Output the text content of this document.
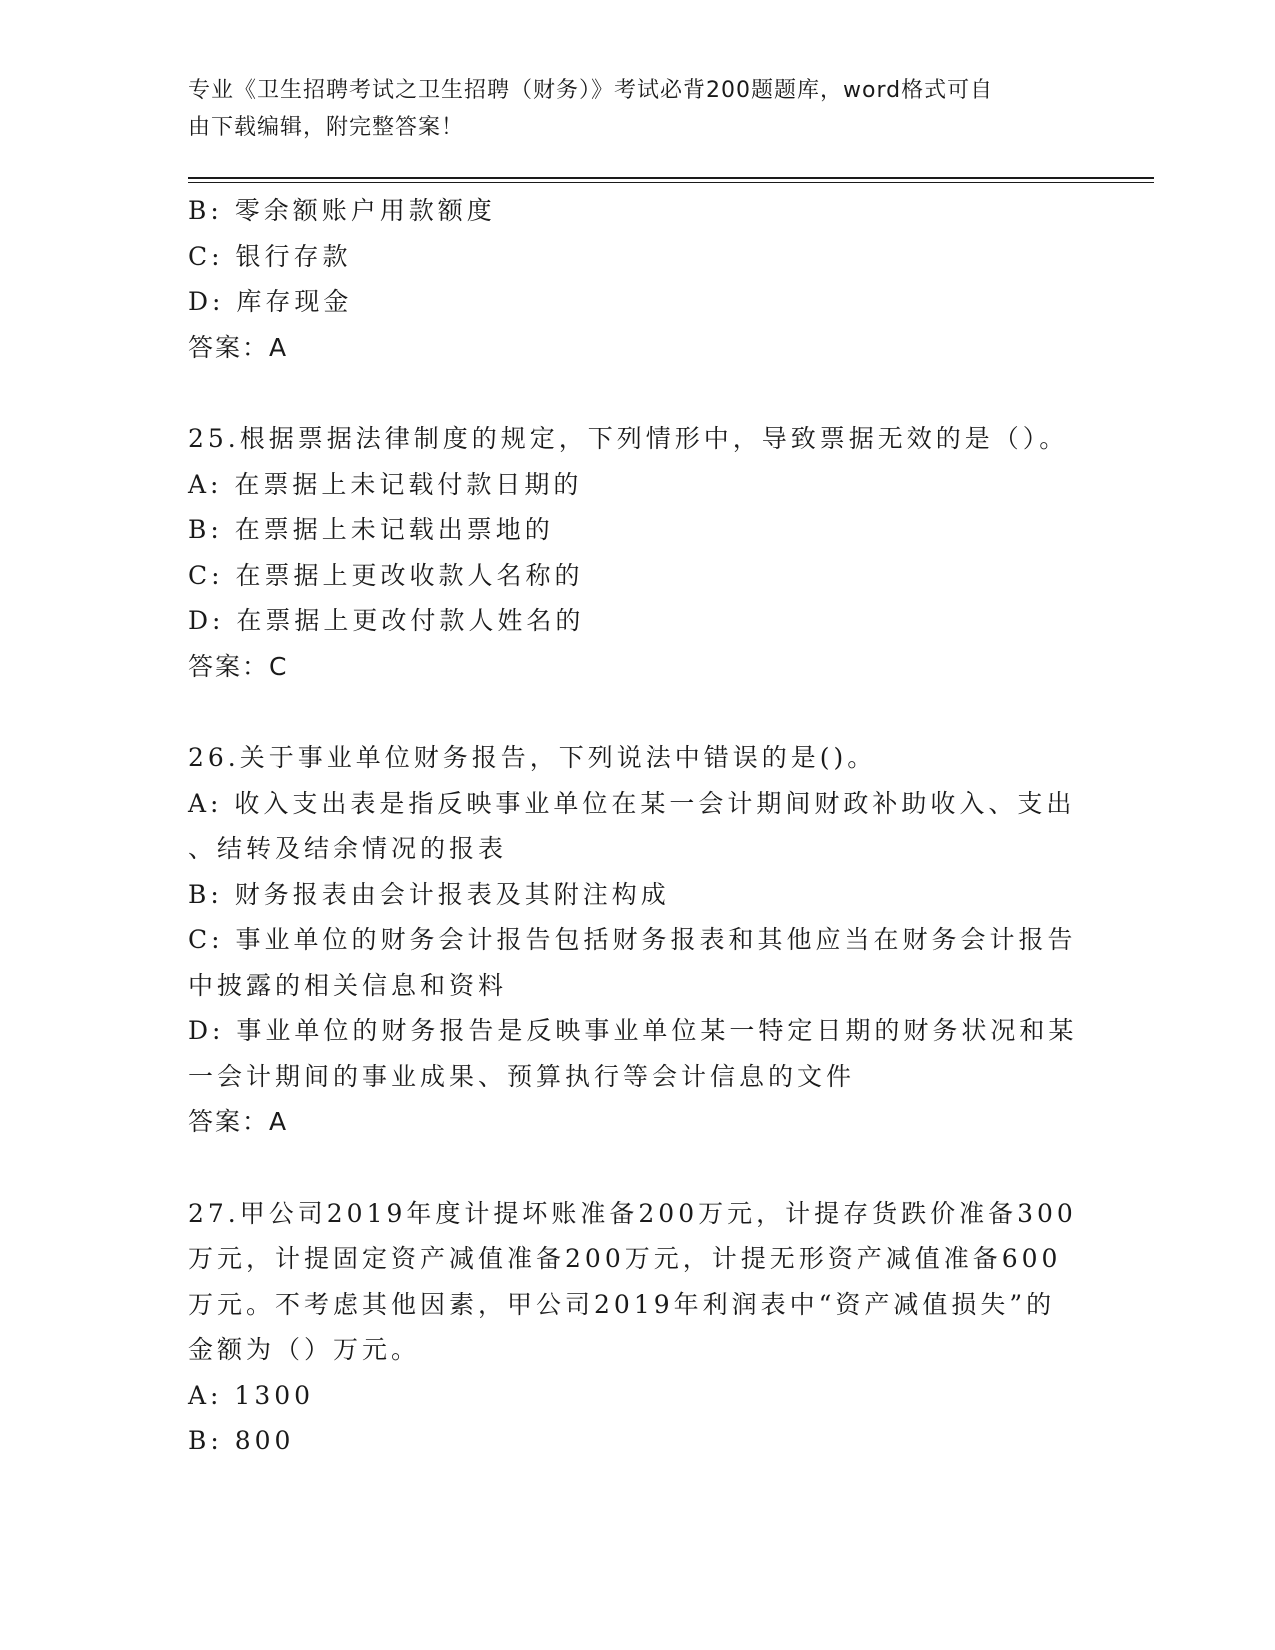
专业《卫生招聘考试之卫生招聘（财务）》考试必背200题题库，word格式可自
由下载编辑，附完整答案！
B: 零余额账户用款额度
C: 银行存款
D: 库存现金
答案：A
25.根据票据法律制度的规定，下列情形中，导致票据无效的是（）。
A: 在票据上未记载付款日期的
B: 在票据上未记载出票地的
C: 在票据上更改收款人名称的
D: 在票据上更改付款人姓名的
答案：C
26.关于事业单位财务报告，下列说法中错误的是()。
A: 收入支出表是指反映事业单位在某一会计期间财政补助收入、支出
、结转及结余情况的报表
B: 财务报表由会计报表及其附注构成
C: 事业单位的财务会计报告包括财务报表和其他应当在财务会计报告
中披露的相关信息和资料
D: 事业单位的财务报告是反映事业单位某一特定日期的财务状况和某
一会计期间的事业成果、预算执行等会计信息的文件
答案：A
27.甲公司2019年度计提坏账准备200万元，计提存货跌价准备300
万元，计提固定资产减值准备200万元，计提无形资产减值准备600
万元。不考虑其他因素，甲公司2019年利润表中“资产减值损失”的
金额为（）万元。
A: 1300
B: 800
